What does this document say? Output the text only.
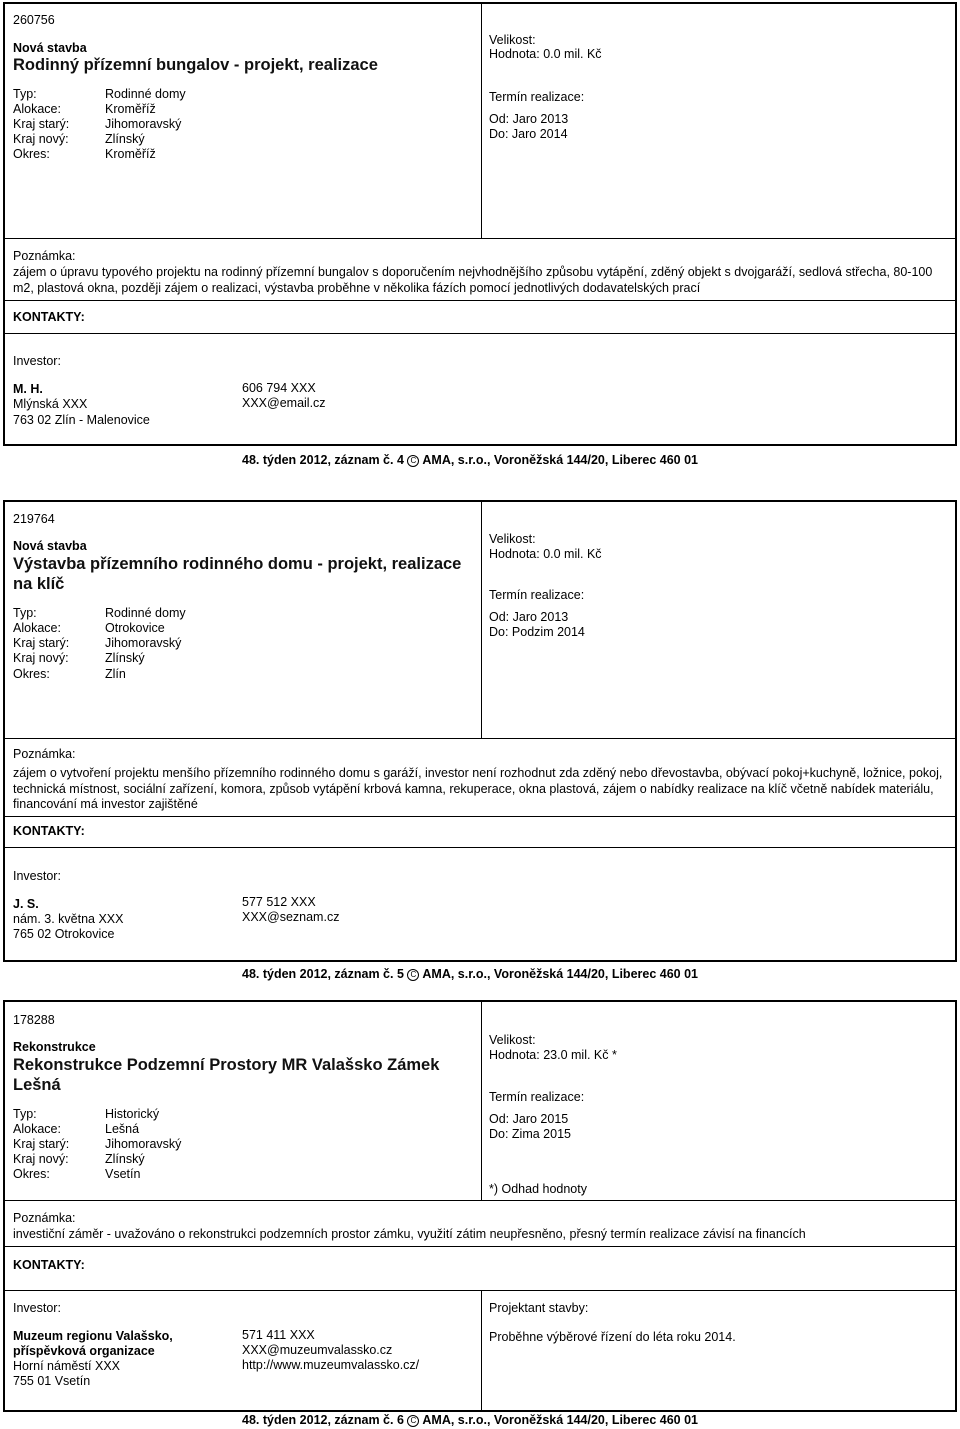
260756
Nová stavba
Rodinný přízemní bungalov - projekt, realizace
Typ:
Alokace:
Kraj starý:
Kraj nový:
Okres:
Rodinné domy
Kroměříž
Jihomoravský
Zlínský
Kroměříž
Velikost:
Hodnota: 0.0 mil. Kč
Termín realizace:
Od: Jaro 2013
Do: Jaro 2014
Poznámka:
zájem o úpravu typového projektu na rodinný přízemní bungalov s doporučením nejvhodnějšího způsobu vytápění, zděný objekt s dvojgaráží, sedlová střecha, 80-100 m2, plastová okna, později zájem o realizaci, výstavba proběhne v několika fázích pomocí jednotlivých dodavatelských prací
KONTAKTY:
Investor:
M. H.
Mlýnská XXX
763 02 Zlín - Malenovice
606 794 XXX
XXX@email.cz
48. týden 2012, záznam č. 4 C AMA, s.r.o., Voroněžská 144/20, Liberec 460 01
219764
Nová stavba
Výstavba přízemního rodinného domu - projekt, realizace na klíč
Typ:
Alokace:
Kraj starý:
Kraj nový:
Okres:
Rodinné domy
Otrokovice
Jihomoravský
Zlínský
Zlín
Velikost:
Hodnota: 0.0 mil. Kč
Termín realizace:
Od: Jaro 2013
Do: Podzim 2014
Poznámka:
zájem o vytvoření projektu menšího přízemního rodinného domu s garáží, investor není rozhodnut zda zděný nebo dřevostavba, obývací pokoj+kuchyně, ložnice, pokoj, technická místnost, sociální zařízení, komora, způsob vytápění krbová kamna, rekuperace, okna plastová, zájem o nabídky realizace na klíč včetně nabídek materiálu, financování má investor zajištěné
KONTAKTY:
Investor:
J. S.
nám. 3. května XXX
765 02 Otrokovice
577 512 XXX
XXX@seznam.cz
48. týden 2012, záznam č. 5 C AMA, s.r.o., Voroněžská 144/20, Liberec 460 01
178288
Rekonstrukce
Rekonstrukce Podzemní Prostory MR Valašsko Zámek Lešná
Typ:
Alokace:
Kraj starý:
Kraj nový:
Okres:
Historický
Lešná
Jihomoravský
Zlínský
Vsetín
Velikost:
Hodnota: 23.0 mil. Kč *
Termín realizace:
Od: Jaro 2015
Do: Zima 2015
*) Odhad hodnoty
Poznámka:
investiční záměr - uvažováno o rekonstrukci podzemních prostor zámku, využití zátim neupřesněno, přesný termín realizace závisí na financích
KONTAKTY:
Investor:
Muzeum regionu Valašsko, příspěvková organizace
Horní náměstí XXX
755 01 Vsetín
571 411 XXX
XXX@muzeumvalassko.cz
http://www.muzeumvalassko.cz/
Projektant stavby:
Proběhne výběrové řízení do léta roku 2014.
48. týden 2012, záznam č. 6 C AMA, s.r.o., Voroněžská 144/20, Liberec 460 01
